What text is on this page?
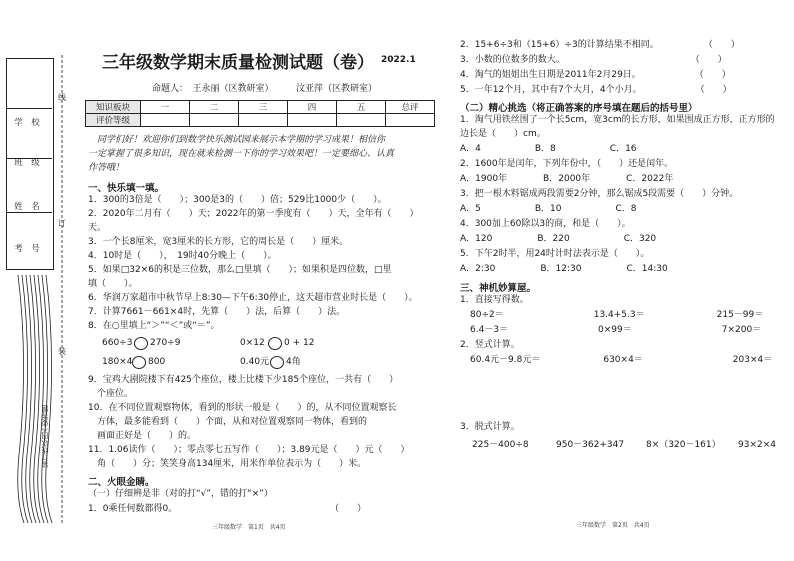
学　校
班　级
姓　名
考　号
装订线以内不要答题
线
订
装
三年级数学期末质量检测试题（卷） 2022.1
命题人：　王永丽（区教研室）　　　汶亚萍（区教研室）
知识板块	一	二	三	四	五	总评
评价等级						
　同学们好！欢迎你们到数学快乐测试园来展示本学期的学习成果！相信你
一定掌握了很多知识，现在就来检测一下你的学习效果吧！一定要细心、认真
作答哦！
一、快乐填一填。
1．300的3倍是（　　）；300是3的（　　）倍；529比1000少（　　）。
2．2020年二月有（　　）天；2022年的第一季度有（　　）天，全年有（　　）
天。
3．一个长8厘米，宽3厘米的长方形，它的周长是（　　）厘米。
4．10时是（　　），　19时40分晚上（　　）。
5．如果□32×6的积是三位数，那么□里填（　　）；如果积是四位数，□里
填（　　）。
6．华润万家超市中秋节早上8:30—下午6:30停止，这天超市营业时长是（　　）。
7．计算7661－661×4时，先算（　　）法，后算（　　）法。
8．在○里填上“＞”“＜”或“＝”。
660÷3 270÷9	0×12 0 + 12
180×4 800	0.40元 4角
9．宝鸡大剧院楼下有425个座位，楼上比楼下少185个座位，一共有（　　）
　个座位。
10．在不同位置观察物体，看到的形状一般是（　　）的，从不同位置观察长
　方体，最多能看到（　　）个面，从和对位置观察同一物体，看到的
　画面正好是（　　）的。
11．1.06读作（　　）；零点零七五写作（　　）；3.89元是（　　）元（　　）
　角（　　）分；笑笑身高134厘米，用米作单位表示为（　　）米。
二、火眼金睛。
（一）仔细辨是非（对的打“√”，错的打“×”）
1．0乘任何数都得0。　　　　　　　　　　　　　　　　　　（　　）
三年级数学　第1页　共4页
2．15+6÷3和（15+6）÷3的计算结果不相同。　　　　　　（　　）
3．小数的位数多的数大。　　　　　　　　　　　　　　　（　　）
4．淘气的姐姐出生日期是2011年2月29日。　　　　　　　（　　）
5．一年12个月，其中有7个大月，4个小月。　　　　　　　（　　）
（二）精心挑选（将正确答案的序号填在题后的括号里）
1．淘气用铁丝围了一个长5cm，宽3cm的长方形，如果围成正方形，正方形的
边长是（　　）cm。
A．4　　　　　　B．8　　　　　　C．16
2．1600年是闰年，下列年份中，（　　）还是闰年。
A．1900年　　　　B．2000年　　　　C．2022年
3．把一根木料锯成两段需要2分钟，那么锯成5段需要（　　）分钟。
A．5　　　　　　B．10　　　　　　C．8
4．300加上60除以3的商，和是（　　）。
A．120　　　　　B．220　　　　　　C．320
5．下午2时半，用24时计时法表示是（　　）。
A．2:30　　　　　B．12:30　　　　　C．14:30
三、神机妙算屋。
1．直接写得数。
80÷2＝　　　　　　　　　　13.4+5.3＝　　　　　　　　215－99＝
6.4－3＝　　　　　　　　　　0×99＝　　　　　　　　　　7×200＝
2．竖式计算。
60.4元－9.8元＝　　　　　　　630×4＝　　　　　　　　　　203×4＝
3．脱式计算。
225－400÷8	950－362+347 8×（320－161） 93×2×4
三年级数学　第2页　共4页
